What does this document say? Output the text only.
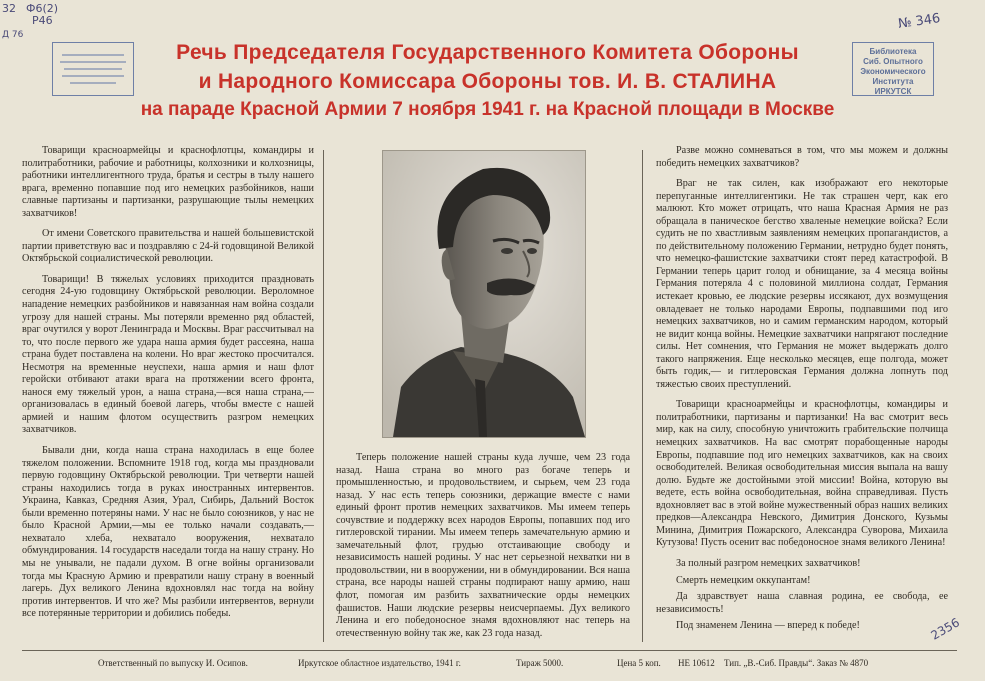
32 Ф6(2)
Р46
Д 76
№ 346
2356
Библиотека
Сиб. Опытного
Экономического
Института
ИРКУТСК
Речь Председателя Государственного Комитета Обороны
и Народного Комиссара Обороны тов. И. В. СТАЛИНА
на параде Красной Армии 7 ноября 1941 г. на Красной площади в Москве

Товарищи красноармейцы и краснофлотцы, командиры и политработники, рабочие и работницы, колхозники и колхозницы, работники интеллигентного труда, братья и сестры в тылу нашего врага, временно попавшие под иго немецких разбойников, наши славные партизаны и партизанки, разрушающие тылы немецких захватчиков!

От имени Советского правительства и нашей большевистской партии приветствую вас и поздравляю с 24-й годовщиной Великой Октябрьской социалистической революции.

Товарищи! В тяжелых условиях приходится праздновать сегодня 24-ую годовщину Октябрьской революции. Вероломное нападение немецких разбойников и навязанная нам война создали угрозу для нашей страны. Мы потеряли временно ряд областей, враг очутился у ворот Ленинграда и Москвы. Враг рассчитывал на то, что после первого же удара наша армия будет рассеяна, наша страна будет поставлена на колени. Но враг жестоко просчитался. Несмотря на временные неуспехи, наша армия и наш флот геройски отбивают атаки врага на протяжении всего фронта, нанося ему тяжелый урон, а наша страна,—вся наша страна,—организовалась в единый боевой лагерь, чтобы вместе с нашей армией и нашим флотом осуществить разгром немецких захватчиков.

Бывали дни, когда наша страна находилась в еще более тяжелом положении. Вспомните 1918 год, когда мы праздновали первую годовщину Октябрьской революции. Три четверти нашей страны находились тогда в руках иностранных интервентов. Украина, Кавказ, Средняя Азия, Урал, Сибирь, Дальний Восток были временно потеряны нами. У нас не было союзников, у нас не было Красной Армии,—мы ее только начали создавать,—нехватало хлеба, нехватало вооружения, нехватало обмундирования. 14 государств наседали тогда на нашу страну. Но мы не унывали, не падали духом. В огне войны организовали тогда мы Красную Армию и превратили нашу страну в военный лагерь. Дух великого Ленина вдохновлял нас тогда на войну против интервентов. И что же? Мы разбили интервентов, вернули все потерянные территории и добились победы.

Теперь положение нашей страны куда лучше, чем 23 года назад. Наша страна во много раз богаче теперь и промышленностью, и продовольствием, и сырьем, чем 23 года назад. У нас есть теперь союзники, держащие вместе с нами единый фронт против немецких захватчиков. Мы имеем теперь сочувствие и поддержку всех народов Европы, попавших под иго гитлеровской тирании. Мы имеем теперь замечательную армию и замечательный флот, грудью отстаивающие свободу и независимость нашей родины. У нас нет серьезной нехватки ни в продовольствии, ни в вооружении, ни в обмундировании. Вся наша страна, все народы нашей страны подпирают нашу армию, наш флот, помогая им разбить захватнические орды немецких фашистов. Наши людские резервы неисчерпаемы. Дух великого Ленина и его победоносное знамя вдохновляют нас теперь на отечественную войну так же, как 23 года назад.

Разве можно сомневаться в том, что мы можем и должны победить немецких захватчиков?

Враг не так силен, как изображают его некоторые перепуганные интеллигентики. Не так страшен черт, как его малюют. Кто может отрицать, что наша Красная Армия не раз обращала в паническое бегство хваленые немецкие войска? Если судить не по хвастливым заявлениям немецких пропагандистов, а по действительному положению Германии, нетрудно будет понять, что немецко-фашистские захватчики стоят перед катастрофой. В Германии теперь царит голод и обнищание, за 4 месяца войны Германия потеряла 4 с половиной миллиона солдат, Германия истекает кровью, ее людские резервы иссякают, дух возмущения овладевает не только народами Европы, подпавшими под иго немецких захватчиков, но и самим германским народом, который не видит конца войны. Немецкие захватчики напрягают последние силы. Нет сомнения, что Германия не может выдержать долго такого напряжения. Еще несколько месяцев, еще полгода, может быть годик,— и гитлеровская Германия должна лопнуть под тяжестью своих преступлений.

Товарищи красноармейцы и краснофлотцы, командиры и политработники, партизаны и партизанки! На вас смотрит весь мир, как на силу, способную уничтожить грабительские полчища немецких захватчиков. На вас смотрят порабощенные народы Европы, подпавшие под иго немецких захватчиков, как на своих освободителей. Великая освободительная миссия выпала на вашу долю. Будьте же достойными этой миссии! Война, которую вы ведете, есть война освободительная, война справедливая. Пусть вдохновляет вас в этой войне мужественный образ наших великих предков—Александра Невского, Димитрия Донского, Кузьмы Минина, Димитрия Пожарского, Александра Суворова, Михаила Кутузова! Пусть осенит вас победоносное знамя великого Ленина!

За полный разгром немецких захватчиков!

Смерть немецким оккупантам!

Да здравствует наша славная родина, ее свобода, ее независимость!

Под знаменем Ленина — вперед к победе!

Ответственный по выпуску И. Осипов.	Иркутское областное издательство, 1941 г.	Тираж 5000.	Цена 5 коп. НЕ 10612 Тип. „В.-Сиб. Правды“. Заказ № 4870
